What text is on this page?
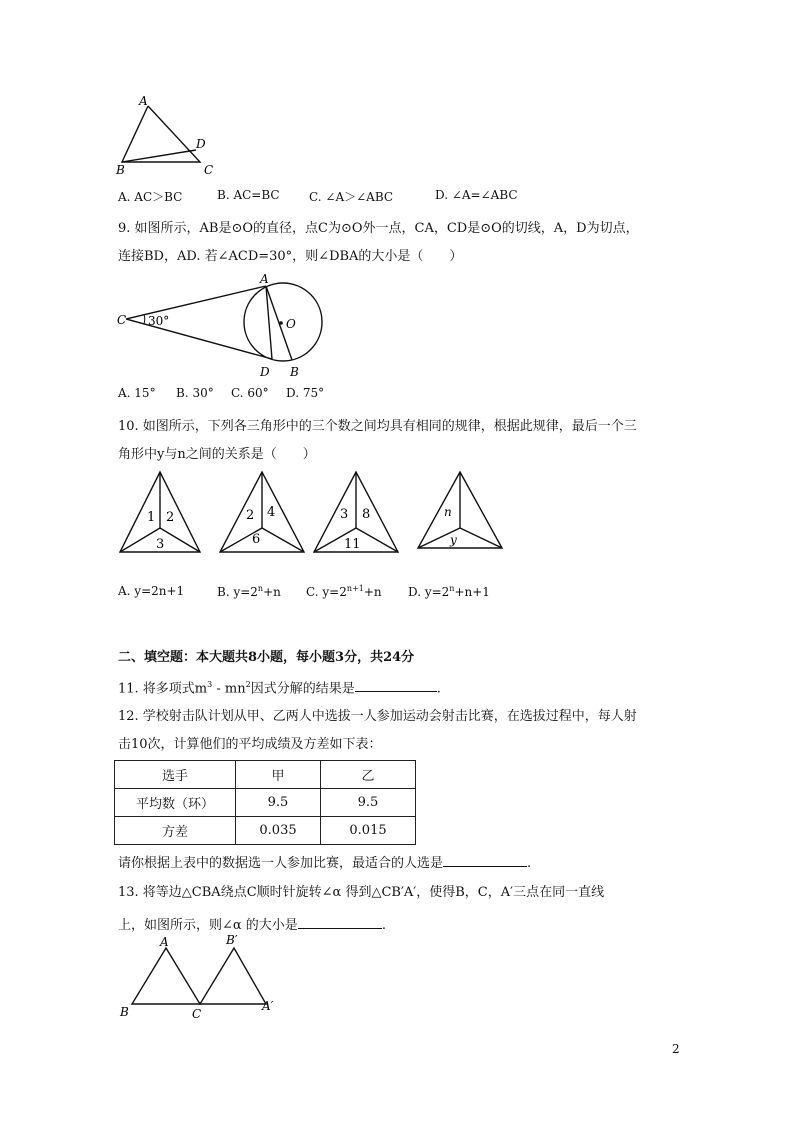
A
D
B	C
A. AC＞BC	B. AC=BC C. ∠A＞∠ABC	D. ∠A=∠ABC
9. 如图所示，AB是⊙O的直径，点C为⊙O外一点，CA，CD是⊙O的切线，A，D为切点，
连接BD，AD. 若∠ACD=30°，则∠DBA的大小是（　　）
A
C 30°	O
D B
A. 15° B. 30° C. 60° D. 75°
10. 如图所示，下列各三角形中的三个数之间均具有相同的规律，根据此规律，最后一个三
角形中y与n之间的关系是（　　）
1 2
3
2 4
6
3 8
11
n
y
A. y=2n+1	B. $y=2^n+n$ C. $y=2^{n+1}+n$ D. $y=2^n+n+1$
二、填空题：本大题共8小题，每小题3分，共24分
11. 将多项式$m^3 - mn^2$因式分解的结果是	.
12. 学校射击队计划从甲、乙两人中选拔一人参加运动会射击比赛，在选拔过程中，每人射
击10次，计算他们的平均成绩及方差如下表：
选手	甲	乙
平均数（环）	9.5	9.5
方差	0.035	0.015
请你根据上表中的数据选一人参加比赛，最适合的人选是	.
13. 将等边△CBA绕点C顺时针旋转∠α 得到△CB′A′，使得B，C，A′三点在同一直线
上，如图所示，则∠α 的大小是	.
A	B′
A′
B	C
2
